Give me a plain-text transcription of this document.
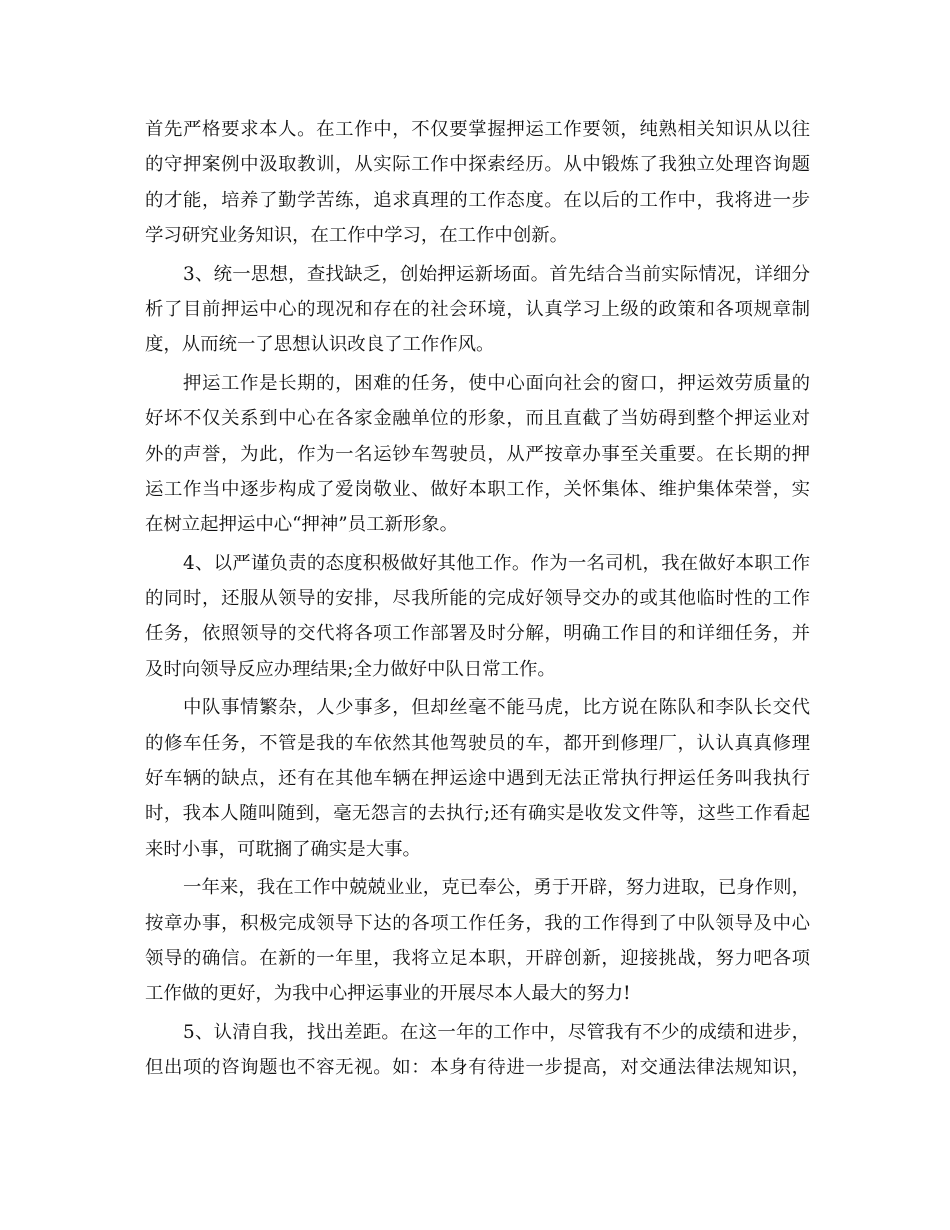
首先严格要求本人。在工作中，不仅要掌握押运工作要领，纯熟相关知识从以往
的守押案例中汲取教训，从实际工作中探索经历。从中锻炼了我独立处理咨询题
的才能，培养了勤学苦练，追求真理的工作态度。在以后的工作中，我将进一步
学习研究业务知识，在工作中学习，在工作中创新。
3、统一思想，查找缺乏，创始押运新场面。首先结合当前实际情况，详细分
析了目前押运中心的现况和存在的社会环境，认真学习上级的政策和各项规章制
度，从而统一了思想认识改良了工作作风。
押运工作是长期的，困难的任务，使中心面向社会的窗口，押运效劳质量的
好坏不仅关系到中心在各家金融单位的形象，而且直截了当妨碍到整个押运业对
外的声誉，为此，作为一名运钞车驾驶员，从严按章办事至关重要。在长期的押
运工作当中逐步构成了爱岗敬业、做好本职工作，关怀集体、维护集体荣誉，实
在树立起押运中心“押神”员工新形象。
4、以严谨负责的态度积极做好其他工作。作为一名司机，我在做好本职工作
的同时，还服从领导的安排，尽我所能的完成好领导交办的或其他临时性的工作
任务，依照领导的交代将各项工作部署及时分解，明确工作目的和详细任务，并
及时向领导反应办理结果;全力做好中队日常工作。
中队事情繁杂，人少事多，但却丝毫不能马虎，比方说在陈队和李队长交代
的修车任务，不管是我的车依然其他驾驶员的车，都开到修理厂，认认真真修理
好车辆的缺点，还有在其他车辆在押运途中遇到无法正常执行押运任务叫我执行
时，我本人随叫随到，毫无怨言的去执行;还有确实是收发文件等，这些工作看起
来时小事，可耽搁了确实是大事。
一年来，我在工作中兢兢业业，克已奉公，勇于开辟，努力进取，已身作则，
按章办事，积极完成领导下达的各项工作任务，我的工作得到了中队领导及中心
领导的确信。在新的一年里，我将立足本职，开辟创新，迎接挑战，努力吧各项
工作做的更好，为我中心押运事业的开展尽本人最大的努力!
5、认清自我，找出差距。在这一年的工作中，尽管我有不少的成绩和进步，
但出项的咨询题也不容无视。如：本身有待进一步提高，对交通法律法规知识，
